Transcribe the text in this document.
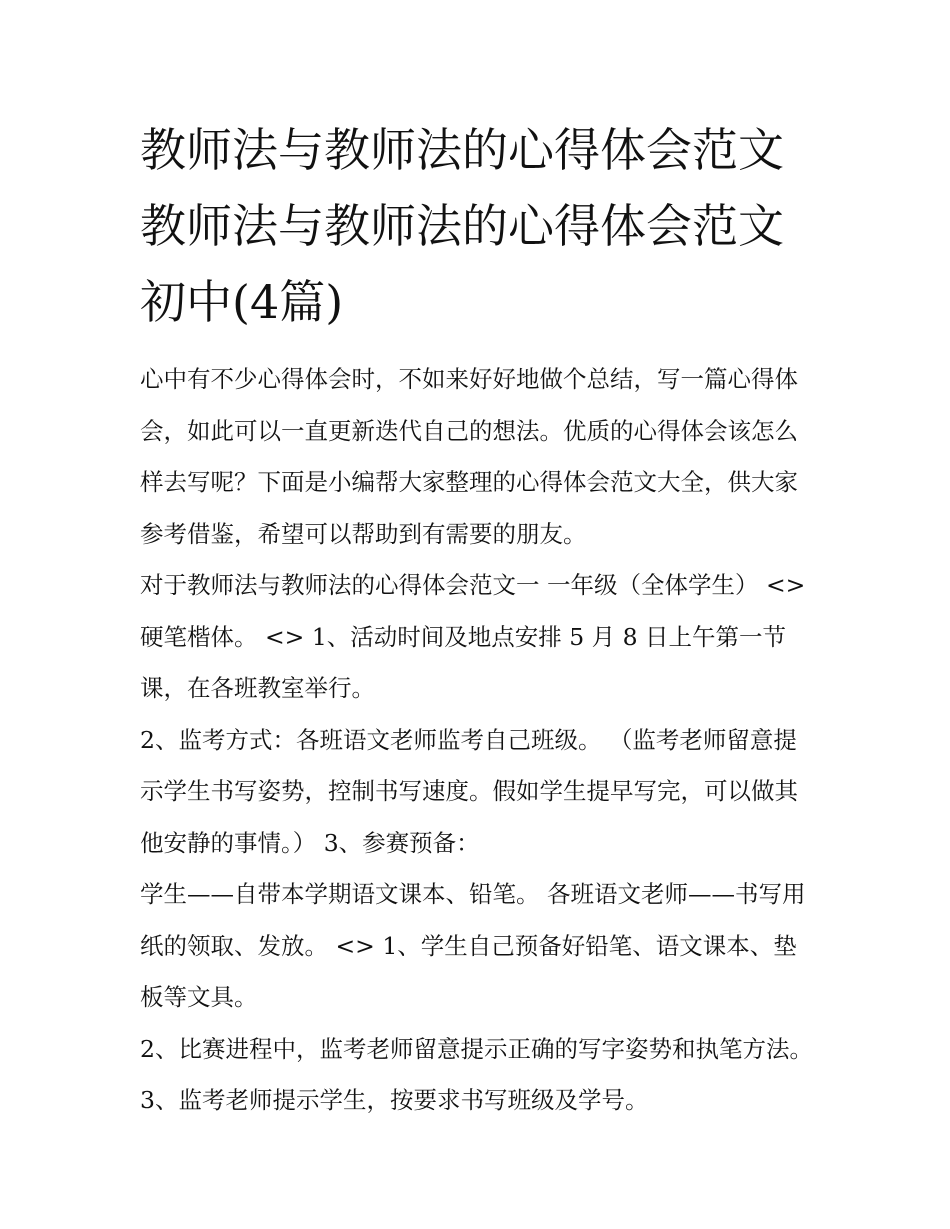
教师法与教师法的心得体会范文 教师法与教师法的心得体会范文初中(4篇)

心中有不少心得体会时，不如来好好地做个总结，写一篇心得体会，如此可以一直更新迭代自己的想法。优质的心得体会该怎么样去写呢？下面是小编帮大家整理的心得体会范文大全，供大家参考借鉴，希望可以帮助到有需要的朋友。

对于教师法与教师法的心得体会范文一 一年级（全体学生） <> 硬笔楷体。 <> 1、活动时间及地点安排 5 月 8 日上午第一节课，在各班教室举行。

2、监考方式：各班语文老师监考自己班级。 （监考老师留意提示学生书写姿势，控制书写速度。假如学生提早写完，可以做其他安静的事情。） 3、参赛预备：

学生——自带本学期语文课本、铅笔。 各班语文老师——书写用纸的领取、发放。 <> 1、学生自己预备好铅笔、语文课本、垫板等文具。

2、比赛进程中，监考老师留意提示正确的写字姿势和执笔方法。 3、监考老师提示学生，按要求书写班级及学号。
